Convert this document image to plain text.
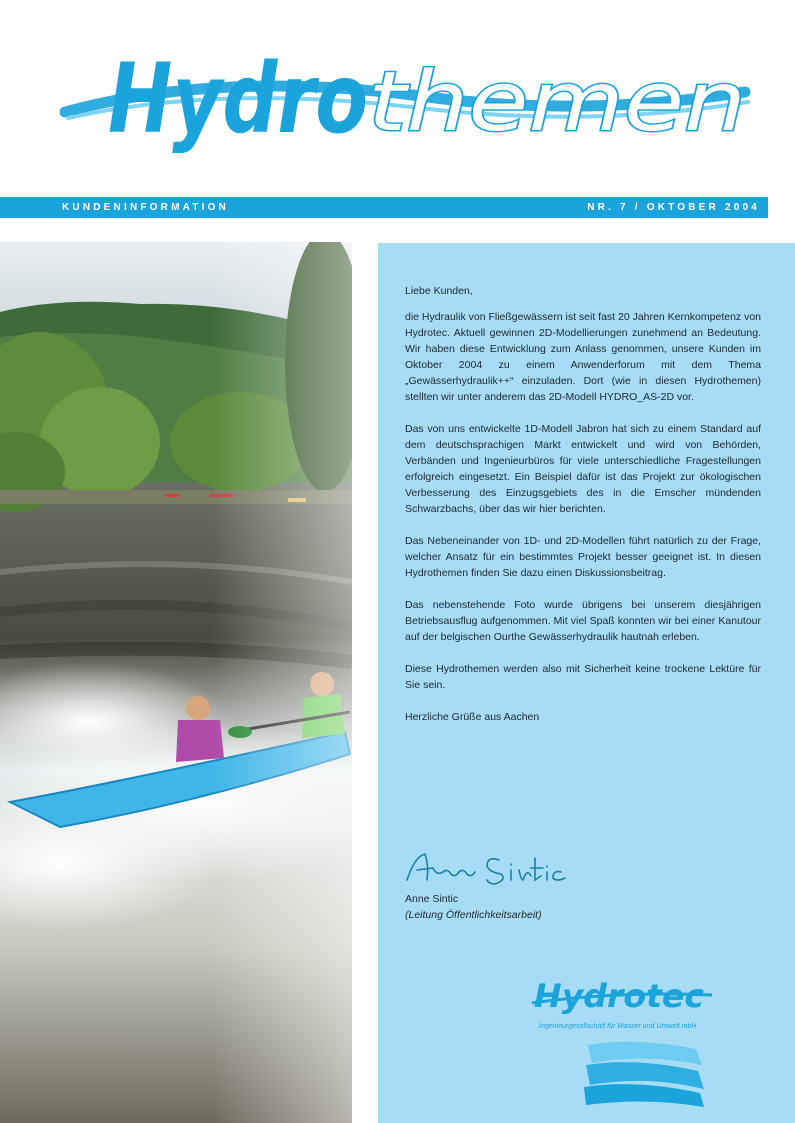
Hydro themen
KUNDENINFORMATION	NR. 7 / OKTOBER 2004

Liebe Kunden,

die Hydraulik von Fließgewässern ist seit fast 20 Jahren Kernkompetenz von Hydrotec. Aktuell gewinnen 2D-Modellierungen zunehmend an Bedeutung. Wir haben diese Entwicklung zum Anlass genommen, unsere Kunden im Oktober 2004 zu einem Anwenderforum mit dem Thema „Gewässerhydraulik++“ einzuladen. Dort (wie in diesen Hydrothemen) stellten wir unter anderem das 2D-Modell HYDRO_AS-2D vor.

Das von uns entwickelte 1D-Modell Jabron hat sich zu einem Standard auf dem deutschsprachigen Markt entwickelt und wird von Behörden, Verbänden und Ingenieurbüros für viele unterschiedliche Fragestellungen erfolgreich eingesetzt. Ein Beispiel dafür ist das Projekt zur ökologischen Verbesserung des Einzugsgebiets des in die Emscher mündenden Schwarzbachs, über das wir hier berichten.

Das Nebeneinander von 1D- und 2D-Modellen führt natürlich zu der Frage, welcher Ansatz für ein bestimmtes Projekt besser geeignet ist. In diesen Hydrothemen finden Sie dazu einen Diskussionsbeitrag.

Das nebenstehende Foto wurde übrigens bei unserem diesjährigen Betriebsausflug aufgenommen. Mit viel Spaß konnten wir bei einer Kanutour auf der belgischen Ourthe Gewässerhydraulik hautnah erleben.

Diese Hydrothemen werden also mit Sicherheit keine trockene Lektüre für Sie sein.

Herzliche Grüße aus Aachen

Anne Sintic
(Leitung Öffentlichkeitsarbeit)
Hydrotec
Ingenieurgesellschaft für Wasser und Umwelt mbH
